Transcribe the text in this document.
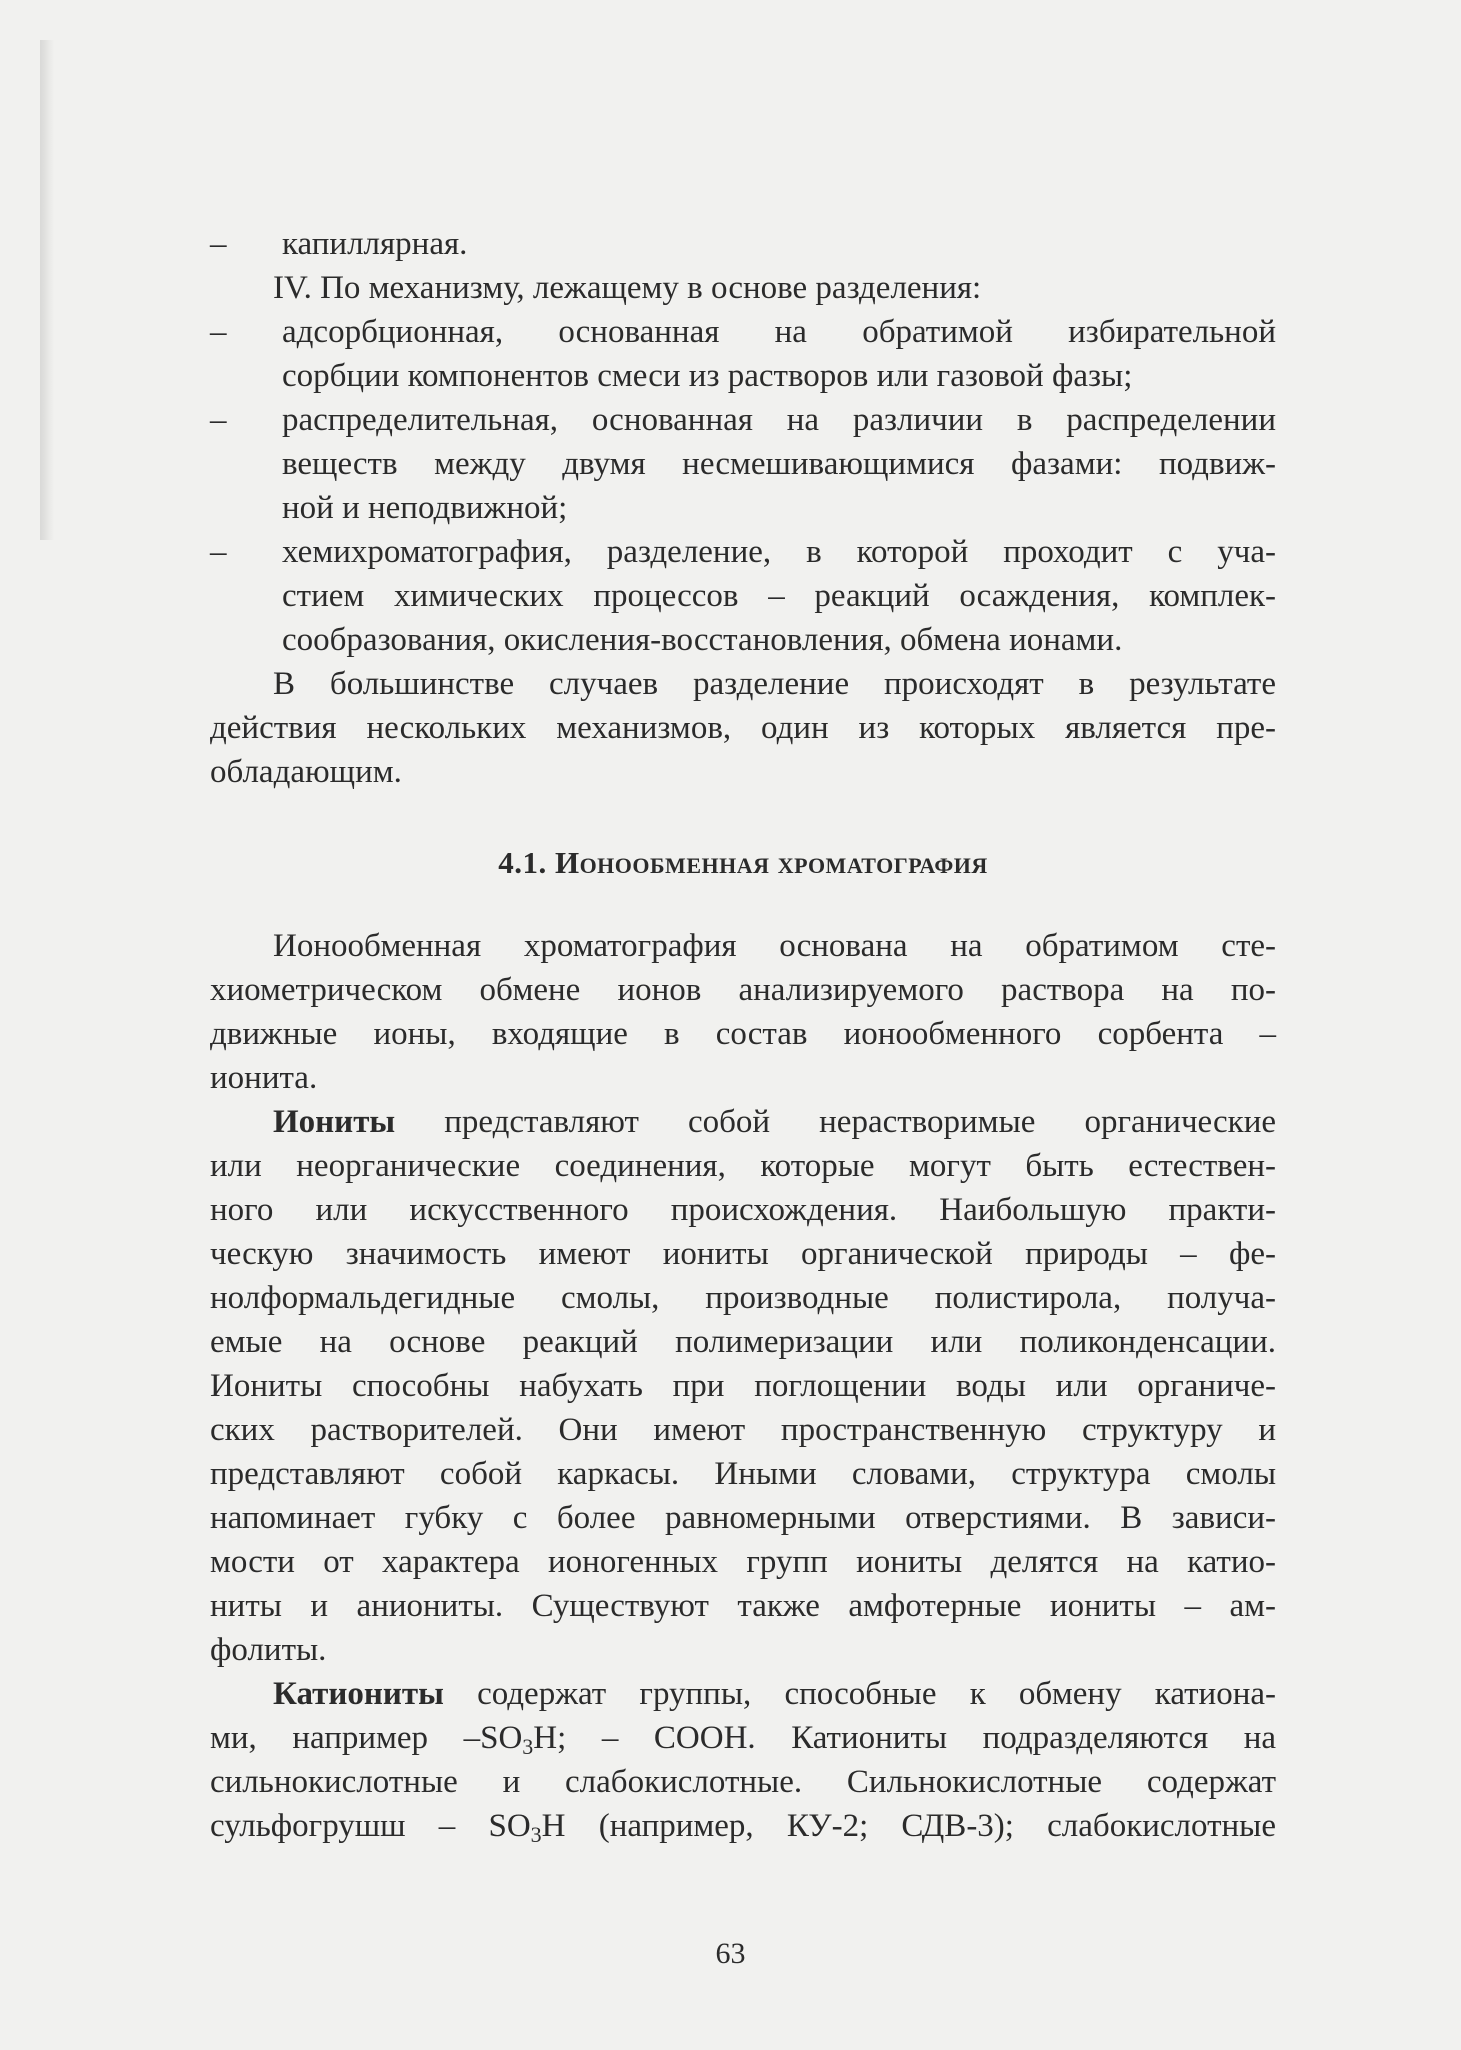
– капиллярная.
IV. По механизму, лежащему в основе разделения:
– адсорбционная, основанная на обратимой избирательной
сорбции компонентов смеси из растворов или газовой фазы;
– распределительная, основанная на различии в распределении
веществ между двумя несмешивающимися фазами: подвиж-
ной и неподвижной;
– хемихроматография, разделение, в которой проходит с уча-
стием химических процессов – реакций осаждения, комплек-
сообразования, окисления-восстановления, обмена ионами.
В большинстве случаев разделение происходят в результате
действия нескольких механизмов, один из которых является пре-
обладающим.
4.1. Ионообменная хроматография
Ионообменная хроматография основана на обратимом сте-
хиометрическом обмене ионов анализируемого раствора на по-
движные ионы, входящие в состав ионообменного сорбента –
ионита.
Иониты представляют собой нерастворимые органические
или неорганические соединения, которые могут быть естествен-
ного или искусственного происхождения. Наибольшую практи-
ческую значимость имеют иониты органической природы – фе-
нолформальдегидные смолы, производные полистирола, получа-
емые на основе реакций полимеризации или поликонденсации.
Иониты способны набухать при поглощении воды или органиче-
ских растворителей. Они имеют пространственную структуру и
представляют собой каркасы. Иными словами, структура смолы
напоминает губку с более равномерными отверстиями. В зависи-
мости от характера ионогенных групп иониты делятся на катио-
ниты и аниониты. Существуют также амфотерные иониты – ам-
фолиты.
Катиониты содержат группы, способные к обмену катиона-
ми, например $-SO_3H$; – COOH. Катиониты подразделяются на
сильнокислотные и слабокислотные. Сильнокислотные содержат
сульфогрушш – $SO_3H$ (например, КУ-2; СДВ-3); слабокислотные
63
